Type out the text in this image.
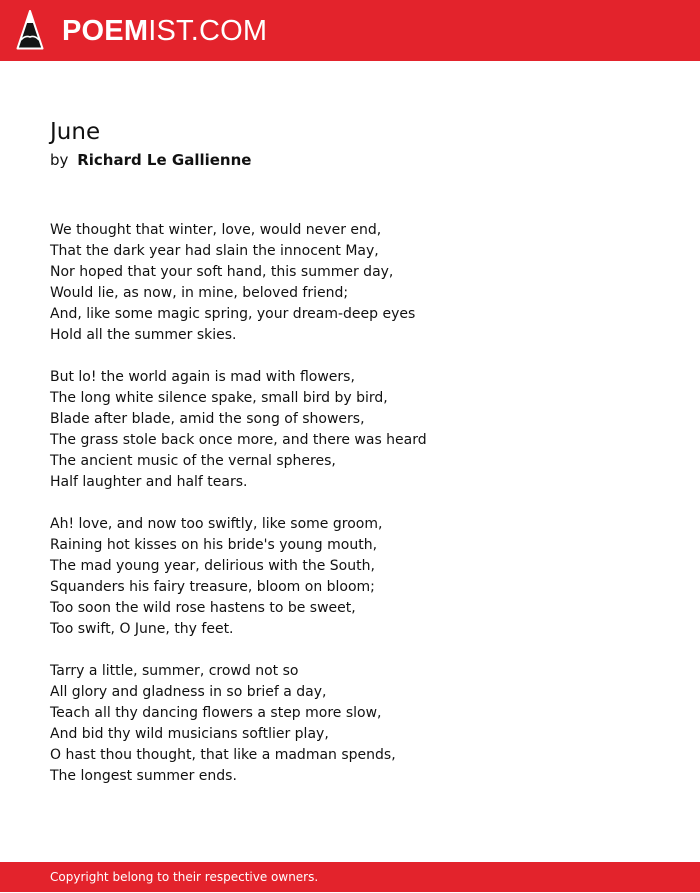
POEMIST.COM
June
by Richard Le Gallienne
We thought that winter, love, would never end,
That the dark year had slain the innocent May,
Nor hoped that your soft hand, this summer day,
Would lie, as now, in mine, beloved friend;
And, like some magic spring, your dream-deep eyes
Hold all the summer skies.
But lo! the world again is mad with flowers,
The long white silence spake, small bird by bird,
Blade after blade, amid the song of showers,
The grass stole back once more, and there was heard
The ancient music of the vernal spheres,
Half laughter and half tears.
Ah! love, and now too swiftly, like some groom,
Raining hot kisses on his bride's young mouth,
The mad young year, delirious with the South,
Squanders his fairy treasure, bloom on bloom;
Too soon the wild rose hastens to be sweet,
Too swift, O June, thy feet.
Tarry a little, summer, crowd not so
All glory and gladness in so brief a day,
Teach all thy dancing flowers a step more slow,
And bid thy wild musicians softlier play,
O hast thou thought, that like a madman spends,
The longest summer ends.
Copyright belong to their respective owners.
